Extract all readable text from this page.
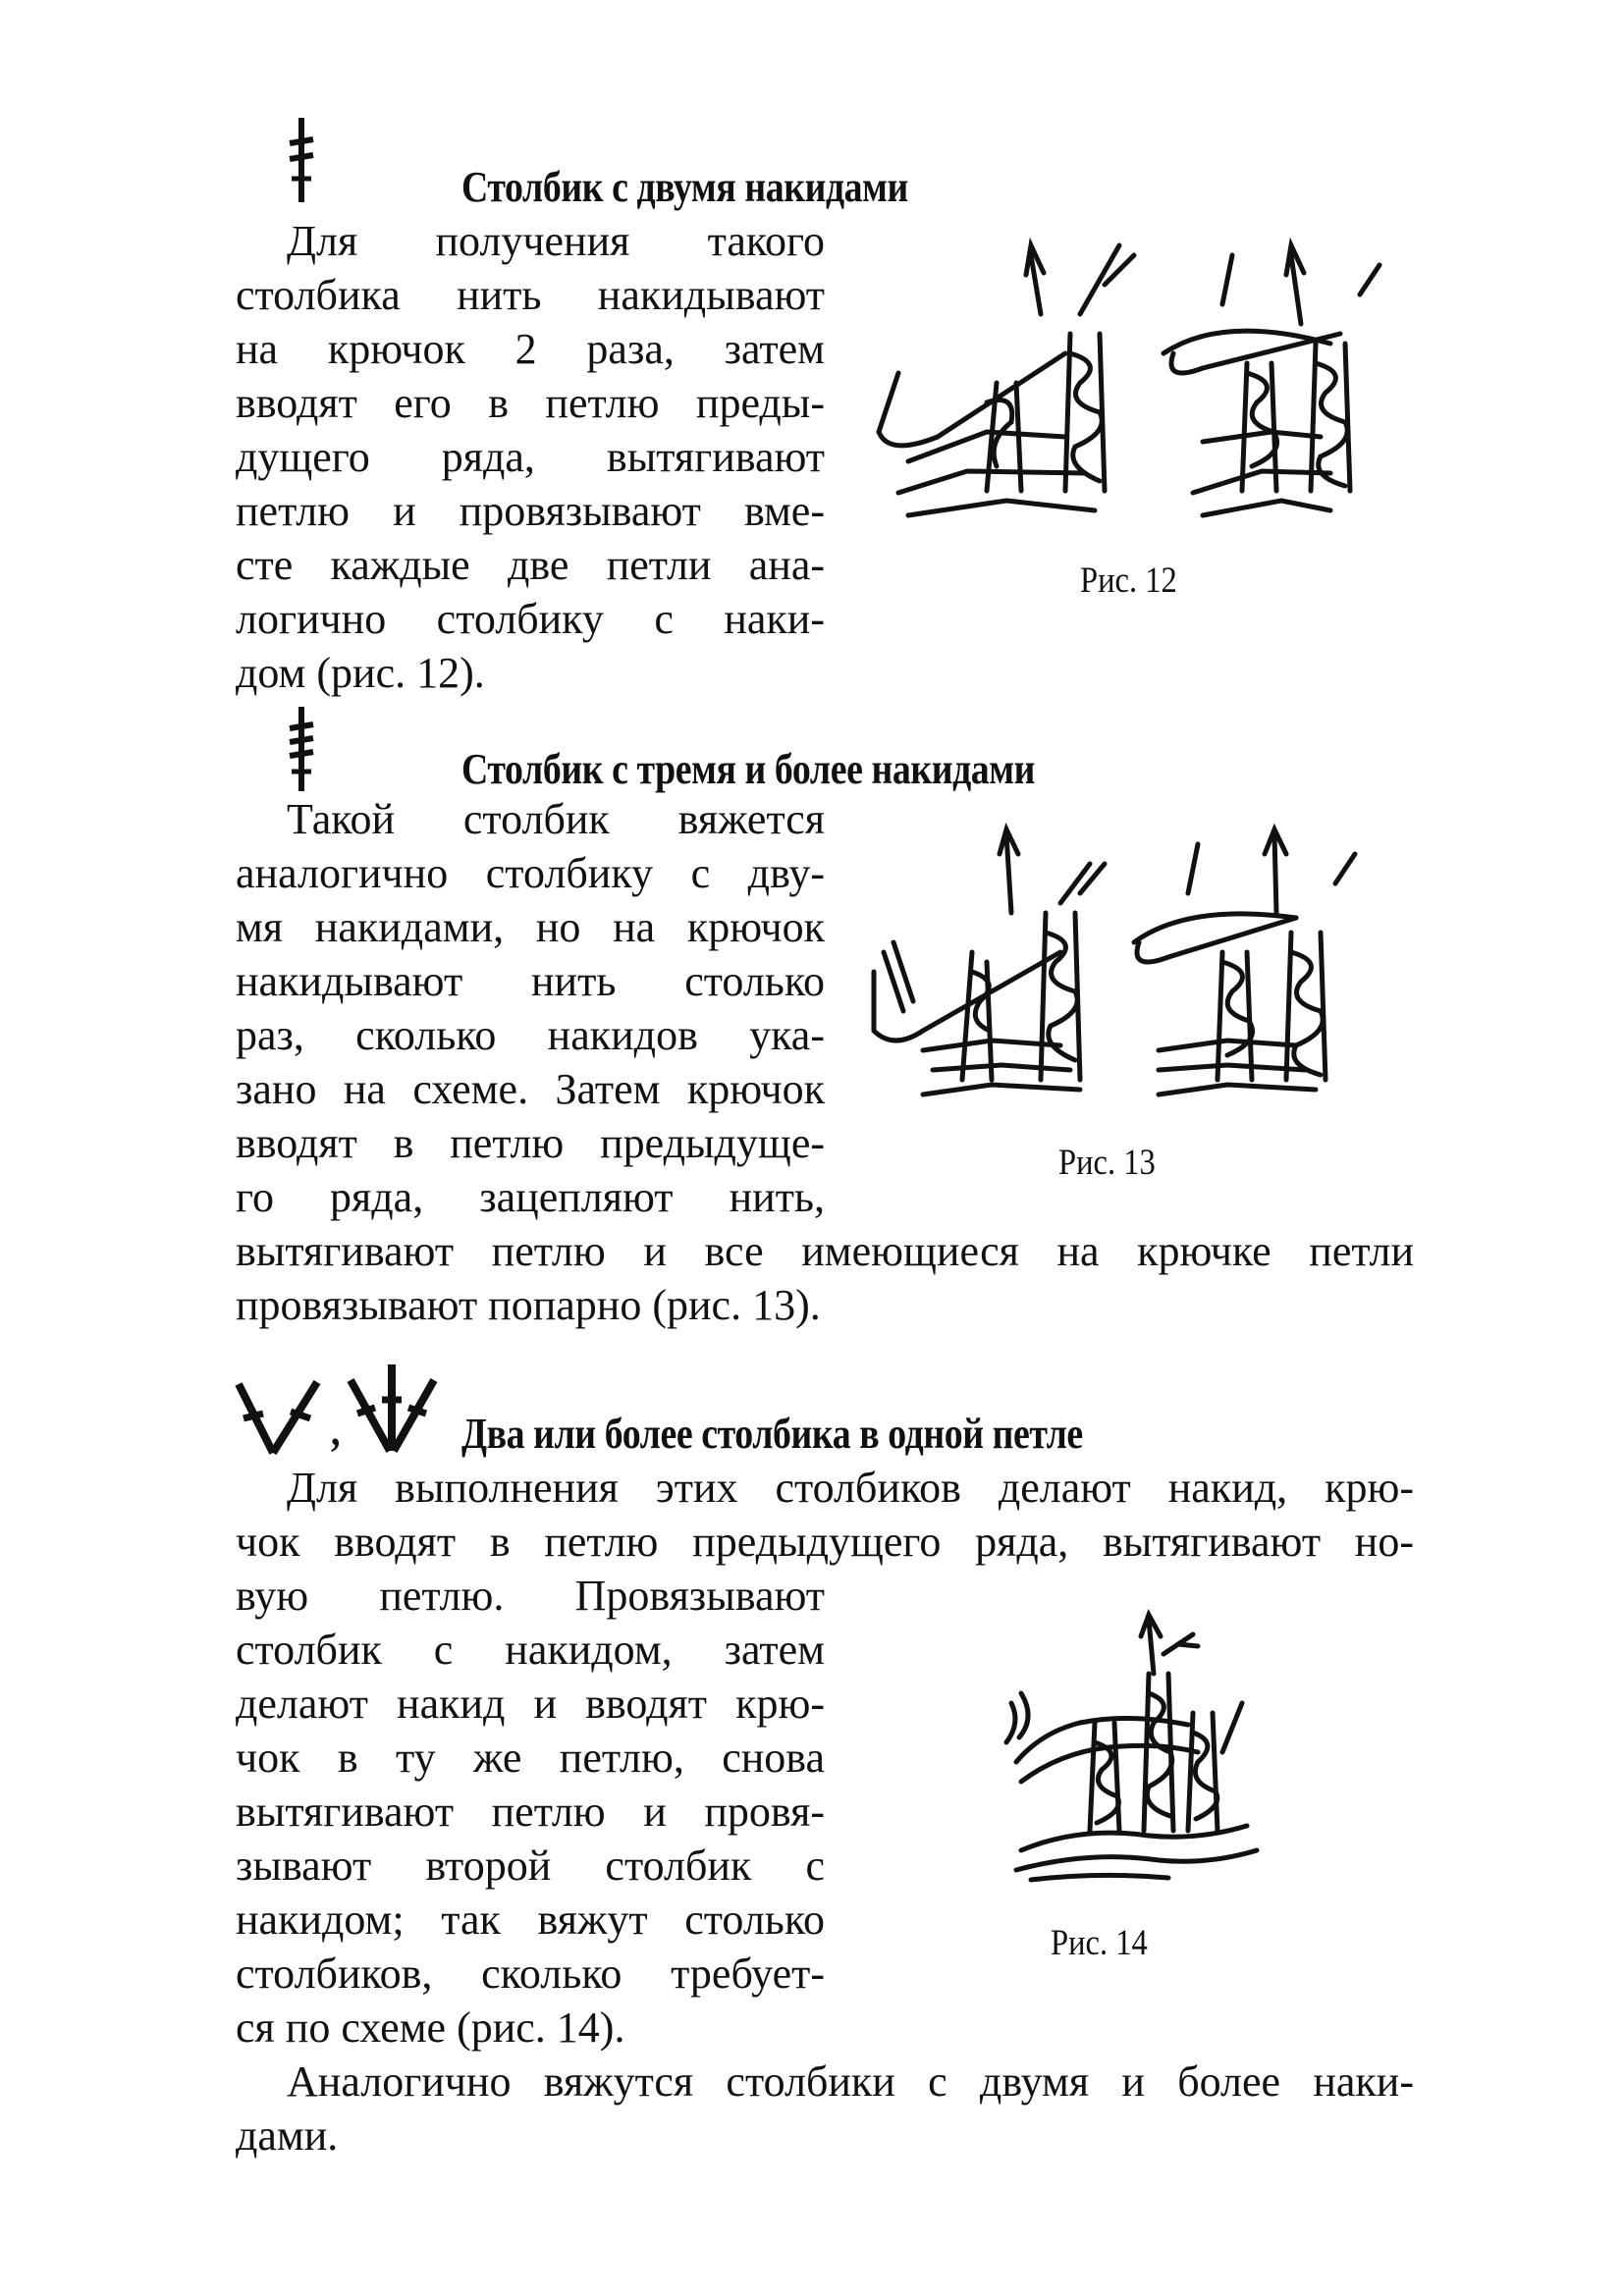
Столбик с двумя накидами
Для получения такого
столбика нить накидывают
на крючок 2 раза, затем
вводят его в петлю преды-
дущего ряда, вытягивают
петлю и провязывают вме-
сте каждые две петли ана-
логично столбику с наки-
дом (рис. 12).
Рис. 12
Столбик с тремя и более накидами
Такой столбик вяжется
аналогично столбику с дву-
мя накидами, но на крючок
накидывают нить столько
раз, сколько накидов ука-
зано на схеме. Затем крючок
вводят в петлю предыдуще-
го ряда, зацепляют нить,
вытягивают петлю и все имеющиеся на крючке петли
провязывают попарно (рис. 13).
Рис. 13
,	Два или более столбика в одной петле
Для выполнения этих столбиков делают накид, крю-
чок вводят в петлю предыдущего ряда, вытягивают но-
вую петлю. Провязывают
столбик с накидом, затем
делают накид и вводят крю-
чок в ту же петлю, снова
вытягивают петлю и провя-
зывают второй столбик с
накидом; так вяжут столько
столбиков, сколько требует-
ся по схеме (рис. 14).
Аналогично вяжутся столбики с двумя и более наки-
дами.
Рис. 14
